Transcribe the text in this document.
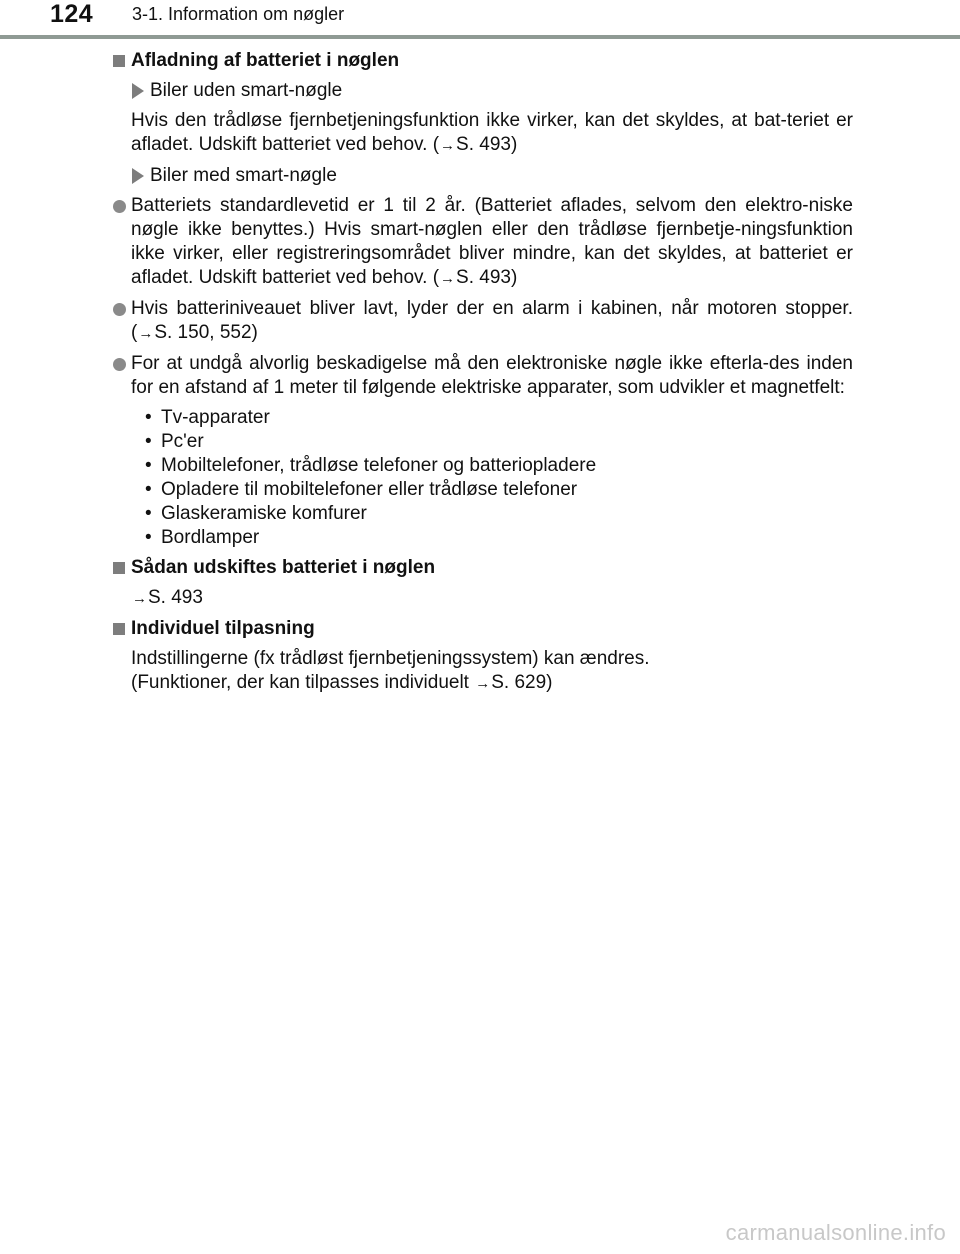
124 3-1. Information om nøgler
Afladning af batteriet i nøglen
Biler uden smart-nøgle
Hvis den trådløse fjernbetjeningsfunktion ikke virker, kan det skyldes, at bat-teriet er afladet. Udskift batteriet ved behov. (→S. 493)
Biler med smart-nøgle
Batteriets standardlevetid er 1 til 2 år. (Batteriet aflades, selvom den elektro-niske nøgle ikke benyttes.) Hvis smart-nøglen eller den trådløse fjernbetje-ningsfunktion ikke virker, eller registreringsområdet bliver mindre, kan det skyldes, at batteriet er afladet. Udskift batteriet ved behov. (→S. 493)
Hvis batteriniveauet bliver lavt, lyder der en alarm i kabinen, når motoren stopper. (→S. 150, 552)
For at undgå alvorlig beskadigelse må den elektroniske nøgle ikke efterla-des inden for en afstand af 1 meter til følgende elektriske apparater, som udvikler et magnetfelt:
• Tv-apparater
• Pc'er
• Mobiltelefoner, trådløse telefoner og batteriopladere
• Opladere til mobiltelefoner eller trådløse telefoner
• Glaskeramiske komfurer
• Bordlamper
Sådan udskiftes batteriet i nøglen
→S. 493
Individuel tilpasning
Indstillingerne (fx trådløst fjernbetjeningssystem) kan ændres.
(Funktioner, der kan tilpasses individuelt →S. 629)
carmanualsonline.info
